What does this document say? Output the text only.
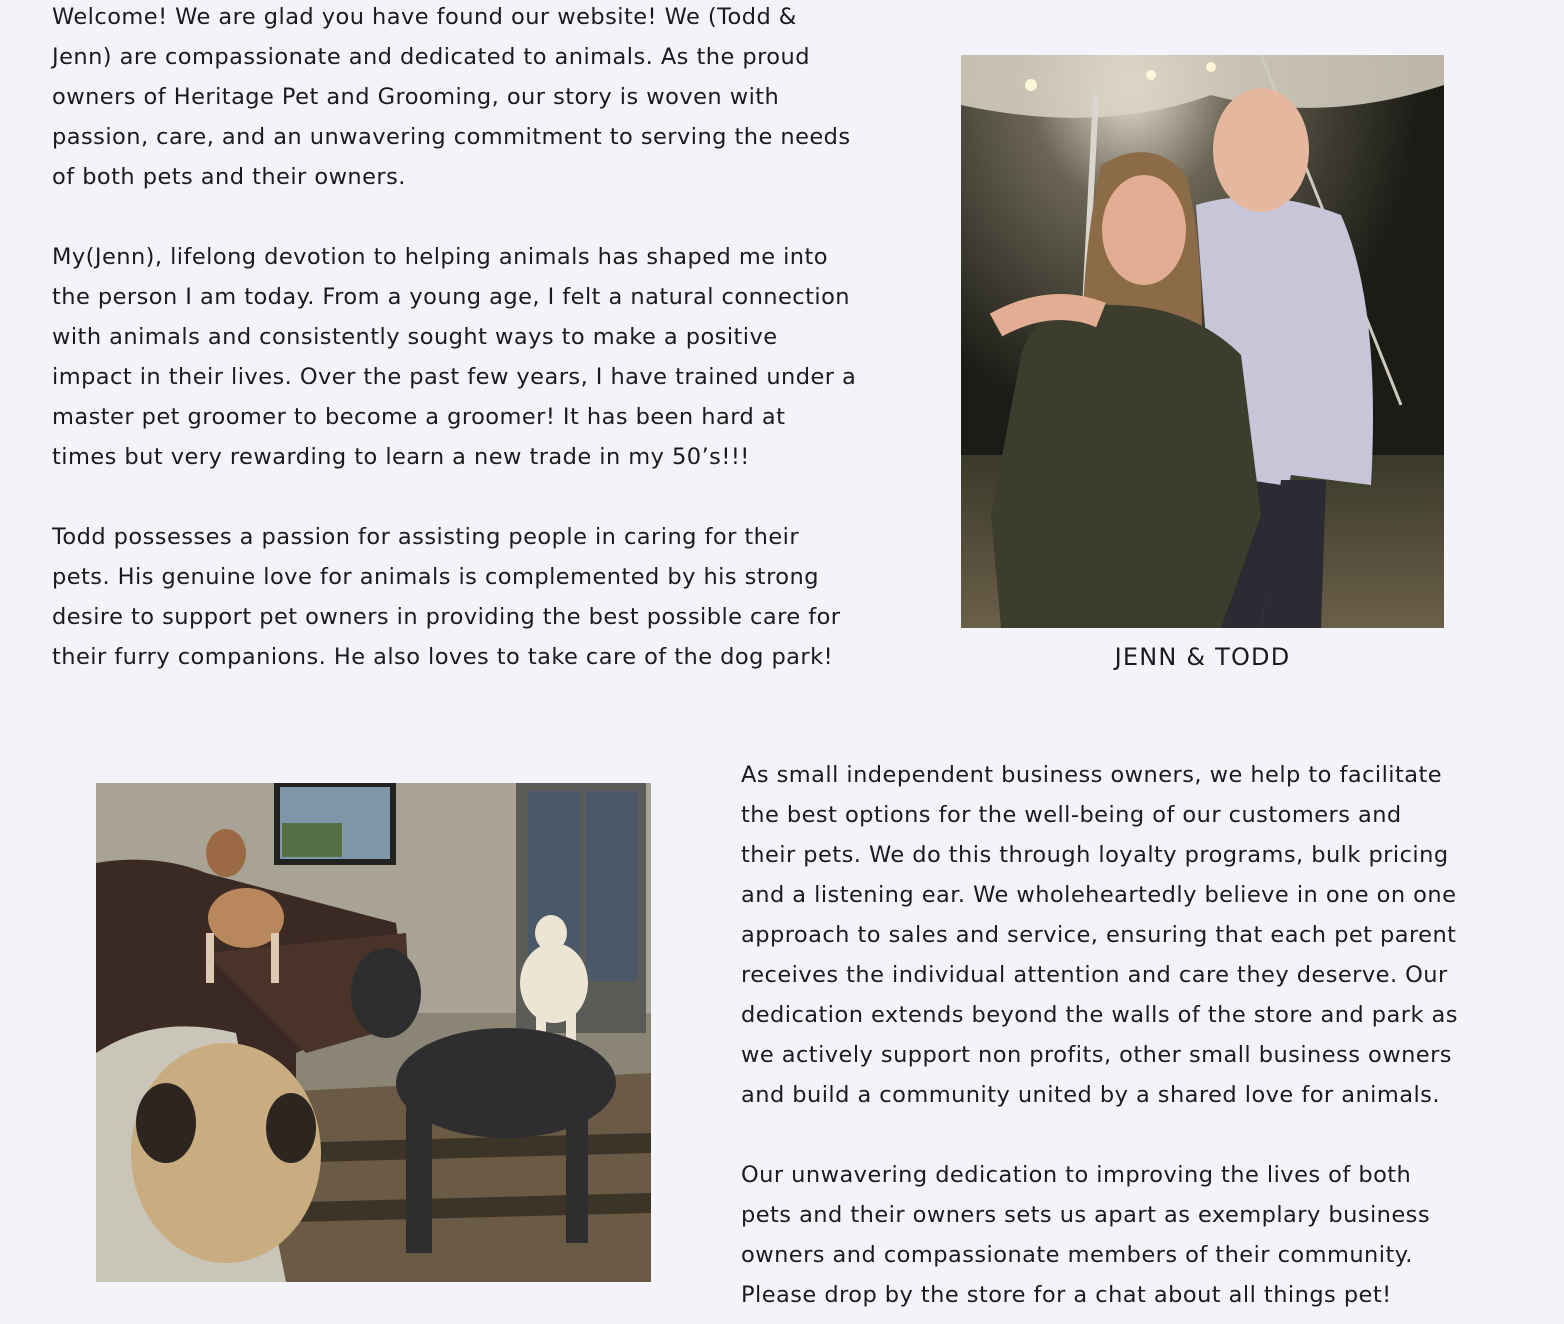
Welcome! We are glad you have found our website! We (Todd &
Jenn) are compassionate and dedicated to animals. As the proud
owners of Heritage Pet and Grooming, our story is woven with
passion, care, and an unwavering commitment to serving the needs
of both pets and their owners.

My(Jenn), lifelong devotion to helping animals has shaped me into
the person I am today. From a young age, I felt a natural connection
with animals and consistently sought ways to make a positive
impact in their lives. Over the past few years, I have trained under a
master pet groomer to become a groomer! It has been hard at
times but very rewarding to learn a new trade in my 50’s!!!

Todd possesses a passion for assisting people in caring for their
pets. His genuine love for animals is complemented by his strong
desire to support pet owners in providing the best possible care for
their furry companions. He also loves to take care of the dog park!	JENN & TODD
As small independent business owners, we help to facilitate
the best options for the well-being of our customers and
their pets. We do this through loyalty programs, bulk pricing
and a listening ear. We wholeheartedly believe in one on one
approach to sales and service, ensuring that each pet parent
receives the individual attention and care they deserve. Our
dedication extends beyond the walls of the store and park as
we actively support non profits, other small business owners
and build a community united by a shared love for animals.

Our unwavering dedication to improving the lives of both
pets and their owners sets us apart as exemplary business
owners and compassionate members of their community.
Please drop by the store for a chat about all things pet!
